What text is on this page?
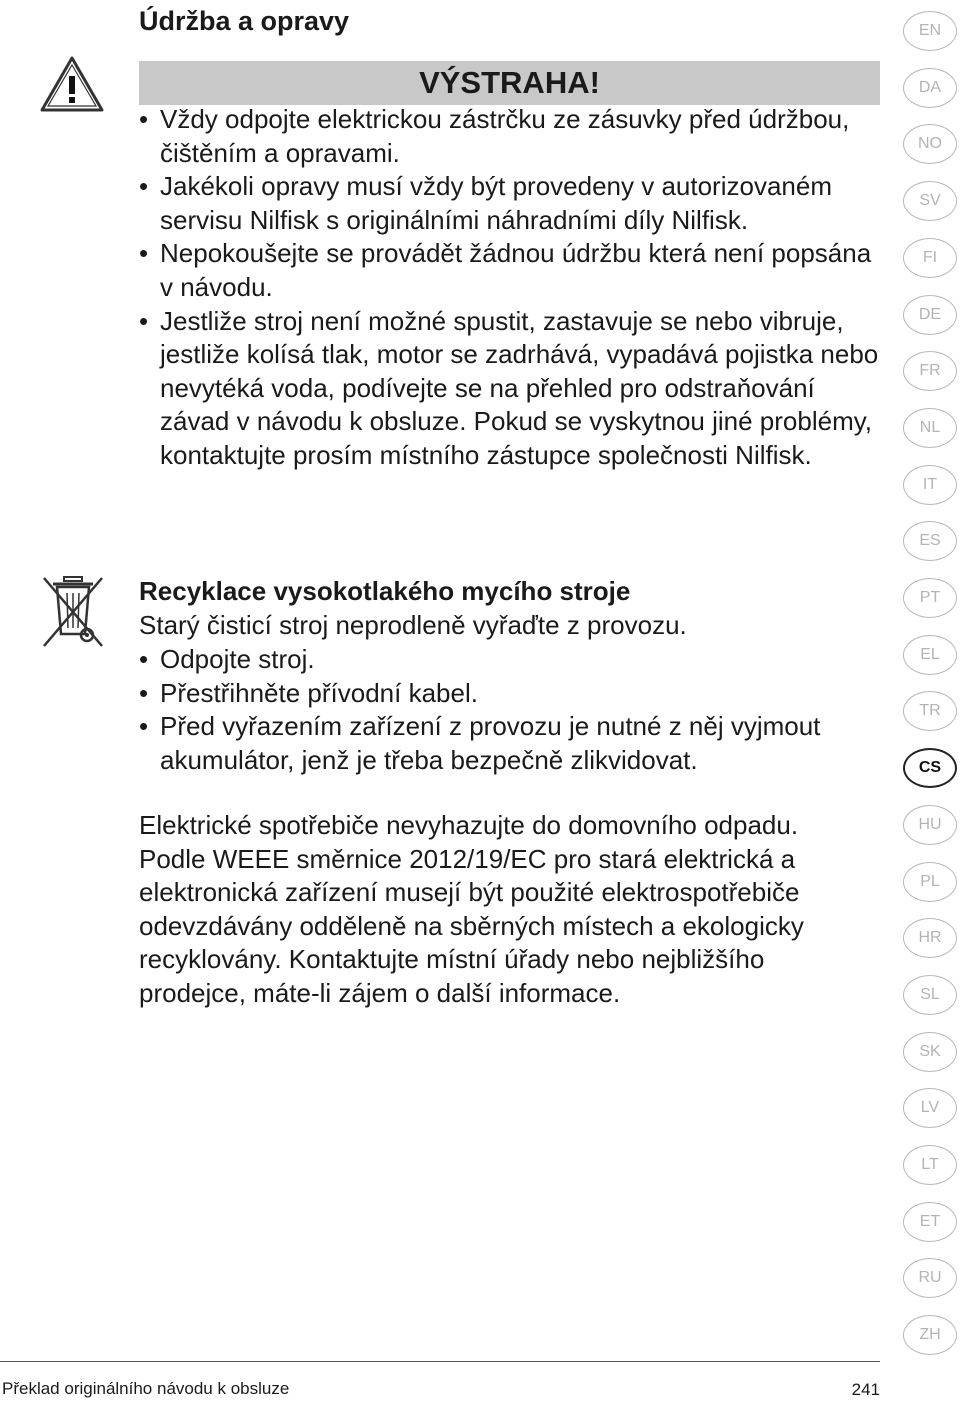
Údržba a opravy
VÝSTRAHA!
• Vždy odpojte elektrickou zástrčku ze zásuvky před údržbou, čištěním a opravami.
• Jakékoli opravy musí vždy být provedeny v autorizovaném servisu Nilfisk s originálními náhradními díly Nilfisk.
• Nepokoušejte se provádět žádnou údržbu která není popsána v návodu.
• Jestliže stroj není možné spustit, zastavuje se nebo vibruje, jestliže kolísá tlak, motor se zadrhává, vypadává pojistka nebo nevytéká voda, podívejte se na přehled pro odstraňování závad v návodu k obsluze. Pokud se vyskytnou jiné problémy, kontaktujte prosím místního zástupce společnosti Nilfisk.
Recyklace vysokotlakého mycího stroje

Starý čisticí stroj neprodleně vyřaďte z provozu.

• Odpojte stroj.
• Přestřihněte přívodní kabel.
• Před vyřazením zařízení z provozu je nutné z něj vyjmout akumulátor, jenž je třeba bezpečně zlikvidovat.

Elektrické spotřebiče nevyhazujte do domovního odpadu. Podle WEEE směrnice 2012/19/EC pro stará elektrická a elektronická zařízení musejí být použité elektrospotřebiče odevzdávány odděleně na sběrných místech a ekologicky recyklovány. Kontaktujte místní úřady nebo nejbližšího prodejce, máte-li zájem o další informace.

EN
DA
NO
SV
FI
DE
FR
NL
IT
ES
PT
EL
TR
CS
HU
PL
HR
SL
SK
LV
LT
ET
RU
ZH
Překlad originálního návodu k obsluze	241
